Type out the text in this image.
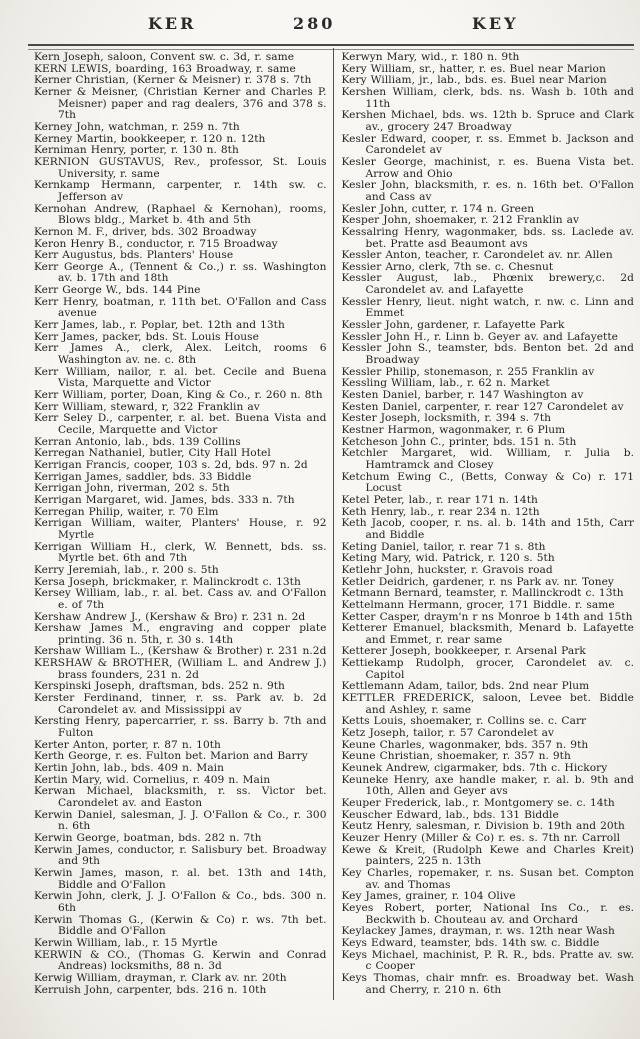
KER	280	KEY

Kern Joseph, saloon, Convent sw. c. 3d, r. same

KERN LEWIS, boarding, 163 Broadway, r. same

Kerner Christian, (Kerner & Meisner) r. 378 s. 7th

Kerner & Meisner, (Christian Kerner and Charles P. Meisner) paper and rag dealers, 376 and 378 s. 7th

Kerney John, watchman, r. 259 n. 7th

Kerney Martin, bookkeeper, r. 120 n. 12th

Kerniman Henry, porter, r. 130 n. 8th

KERNION GUSTAVUS, Rev., professor, St. Louis University, r. same

Kernkamp Hermann, carpenter, r. 14th sw. c. Jefferson av

Kernohan Andrew, (Raphael & Kernohan), rooms, Blows bldg., Market b. 4th and 5th

Kernon M. F., driver, bds. 302 Broadway

Keron Henry B., conductor, r. 715 Broadway

Kerr Augustus, bds. Planters' House

Kerr George A., (Tennent & Co.,) r. ss. Washington av. b. 17th and 18th

Kerr George W., bds. 144 Pine

Kerr Henry, boatman, r. 11th bet. O'Fallon and Cass avenue

Kerr James, lab., r. Poplar, bet. 12th and 13th

Kerr James, packer, bds. St. Louis House

Kerr James A., clerk, Alex. Leitch, rooms 6 Washington av. ne. c. 8th

Kerr William, nailor, r. al. bet. Cecile and Buena Vista, Marquette and Victor

Kerr William, porter, Doan, King & Co., r. 260 n. 8th

Kerr William, steward, r, 322 Franklin av

Kerr Seley D., carpenter, r. al. bet. Buena Vista and Cecile, Marquette and Victor

Kerran Antonio, lab., bds. 139 Collins

Kerregan Nathaniel, butler, City Hall Hotel

Kerrigan Francis, cooper, 103 s. 2d, bds. 97 n. 2d

Kerrigan James, saddler, bds. 33 Biddle

Kerrigan John, riverman, 202 s. 5th

Kerrigan Margaret, wid. James, bds. 333 n. 7th

Kerregan Philip, waiter, r. 70 Elm

Kerrigan William, waiter, Planters' House, r. 92 Myrtle

Kerrigan William H., clerk, W. Bennett, bds. ss. Myrtle bet. 6th and 7th

Kerry Jeremiah, lab., r. 200 s. 5th

Kersa Joseph, brickmaker, r. Malinckrodt c. 13th

Kersey William, lab., r. al. bet. Cass av. and O'Fallon e. of 7th

Kershaw Andrew J., (Kershaw & Bro) r. 231 n. 2d

Kershaw James M., engraving and copper plate printing. 36 n. 5th, r. 30 s. 14th

Kershaw William L., (Kershaw & Brother) r. 231 n.2d

KERSHAW & BROTHER, (William L. and Andrew J.) brass founders, 231 n. 2d

Kerspinski Joseph, draftsman, bds. 252 n. 9th

Kerster Ferdinand, tinner, r. ss. Park av. b. 2d Carondelet av. and Mississippi av

Kersting Henry, papercarrier, r. ss. Barry b. 7th and Fulton

Kerter Anton, porter, r. 87 n. 10th

Kerth George, r. es. Fulton bet. Marion and Barry

Kertin John, lab., bds. 409 n. Main

Kertin Mary, wid. Cornelius, r. 409 n. Main

Kerwan Michael, blacksmith, r. ss. Victor bet. Carondelet av. and Easton

Kerwin Daniel, salesman, J. J. O'Fallon & Co., r. 300 n. 6th

Kerwin George, boatman, bds. 282 n. 7th

Kerwin James, conductor, r. Salisbury bet. Broadway and 9th

Kerwin James, mason, r. al. bet. 13th and 14th, Biddle and O'Fallon

Kerwin John, clerk, J. J. O'Fallon & Co., bds. 300 n. 6th

Kerwin Thomas G., (Kerwin & Co) r. ws. 7th bet. Biddle and O'Fallon

Kerwin William, lab., r. 15 Myrtle

KERWIN & CO., (Thomas G. Kerwin and Conrad Andreas) locksmiths, 88 n. 3d

Kerwig William, drayman, r. Clark av. nr. 20th

Kerruish John, carpenter, bds. 216 n. 10th

Kerwyn Mary, wid., r. 180 n. 9th

Kery William, sr., hatter, r. es. Buel near Marion

Kery William, jr., lab., bds. es. Buel near Marion

Kershen William, clerk, bds. ns. Wash b. 10th and 11th

Kershen Michael, bds. ws. 12th b. Spruce and Clark av., grocery 247 Broadway

Kesler Edward, cooper, r. ss. Emmet b. Jackson and Carondelet av

Kesler George, machinist, r. es. Buena Vista bet. Arrow and Ohio

Kesler John, blacksmith, r. es. n. 16th bet. O'Fallon and Cass av

Kesler John, cutter, r. 174 n. Green

Kesper John, shoemaker, r. 212 Franklin av

Kessalring Henry, wagonmaker, bds. ss. Laclede av. bet. Pratte asd Beaumont avs

Kessler Anton, teacher, r. Carondelet av. nr. Allen

Kessier Arno, clerk, 7th se. c. Chesnut

Kessler August, lab., Phœnix brewery,c. 2d Carondelet av. and Lafayette

Kessler Henry, lieut. night watch, r. nw. c. Linn and Emmet

Kessler John, gardener, r. Lafayette Park

Kessler John H., r. Linn b. Geyer av. and Lafayette

Kessler John S., teamster, bds. Benton bet. 2d and Broadway

Kessler Philip, stonemason, r. 255 Franklin av

Kessling William, lab., r. 62 n. Market

Kesten Daniel, barber, r. 147 Washington av

Kesten Daniel, carpenter, r. rear 127 Carondelet av

Kester Joseph, locksmith, r. 394 s. 7th

Kestner Harmon, wagonmaker, r. 6 Plum

Ketcheson John C., printer, bds. 151 n. 5th

Ketchler Margaret, wid. William, r. Julia b. Hamtramck and Closey

Ketchum Ewing C., (Betts, Conway & Co) r. 171 Locust

Ketel Peter, lab., r. rear 171 n. 14th

Keth Henry, lab., r. rear 234 n. 12th

Keth Jacob, cooper, r. ns. al. b. 14th and 15th, Carr and Biddle

Keting Daniel, tailor, r. rear 71 s. 8th

Keting Mary, wid. Patrick, r. 120 s. 5th

Ketlehr John, huckster, r. Gravois road

Ketler Deidrich, gardener, r. ns Park av. nr. Toney

Ketmann Bernard, teamster, r. Mallinckrodt c. 13th

Kettelmann Hermann, grocer, 171 Biddle. r. same

Ketter Casper, draym'n r ns Monroe b 14th and 15th

Ketterer Emanuel, blacksmith, Menard b. Lafayette and Emmet, r. rear same

Ketterer Joseph, bookkeeper, r. Arsenal Park

Kettiekamp Rudolph, grocer, Carondelet av. c. Capitol

Kettlemann Adam, tailor, bds. 2nd near Plum

KETTLER FREDERICK, saloon, Levee bet. Biddle and Ashley, r. same

Ketts Louis, shoemaker, r. Collins se. c. Carr

Ketz Joseph, tailor, r. 57 Carondelet av

Keune Charles, wagonmaker, bds. 357 n. 9th

Keune Christian, shoemaker, r. 357 n. 9th

Keunek Andrew, cigarmaker, bds. 7th c. Hickory

Keuneke Henry, axe handle maker, r. al. b. 9th and 10th, Allen and Geyer avs

Keuper Frederick, lab., r. Montgomery se. c. 14th

Keuscher Edward, lab., bds. 131 Biddle

Keutz Henry, salesman, r. Division b. 19th and 20th

Keuzer Henry (Miller & Co) r. es. s. 7th nr. Carroll

Kewe & Kreit, (Rudolph Kewe and Charles Kreit) painters, 225 n. 13th

Key Charles, ropemaker, r. ns. Susan bet. Compton av. and Thomas

Key James, grainer, r. 104 Olive

Keyes Robert, porter, National Ins Co., r. es. Beckwith b. Chouteau av. and Orchard

Keylackey James, drayman, r. ws. 12th near Wash

Keys Edward, teamster, bds. 14th sw. c. Biddle

Keys Michael, machinist, P. R. R., bds. Pratte av. sw. c Cooper

Keys Thomas, chair mnfr. es. Broadway bet. Wash and Cherry, r. 210 n. 6th
